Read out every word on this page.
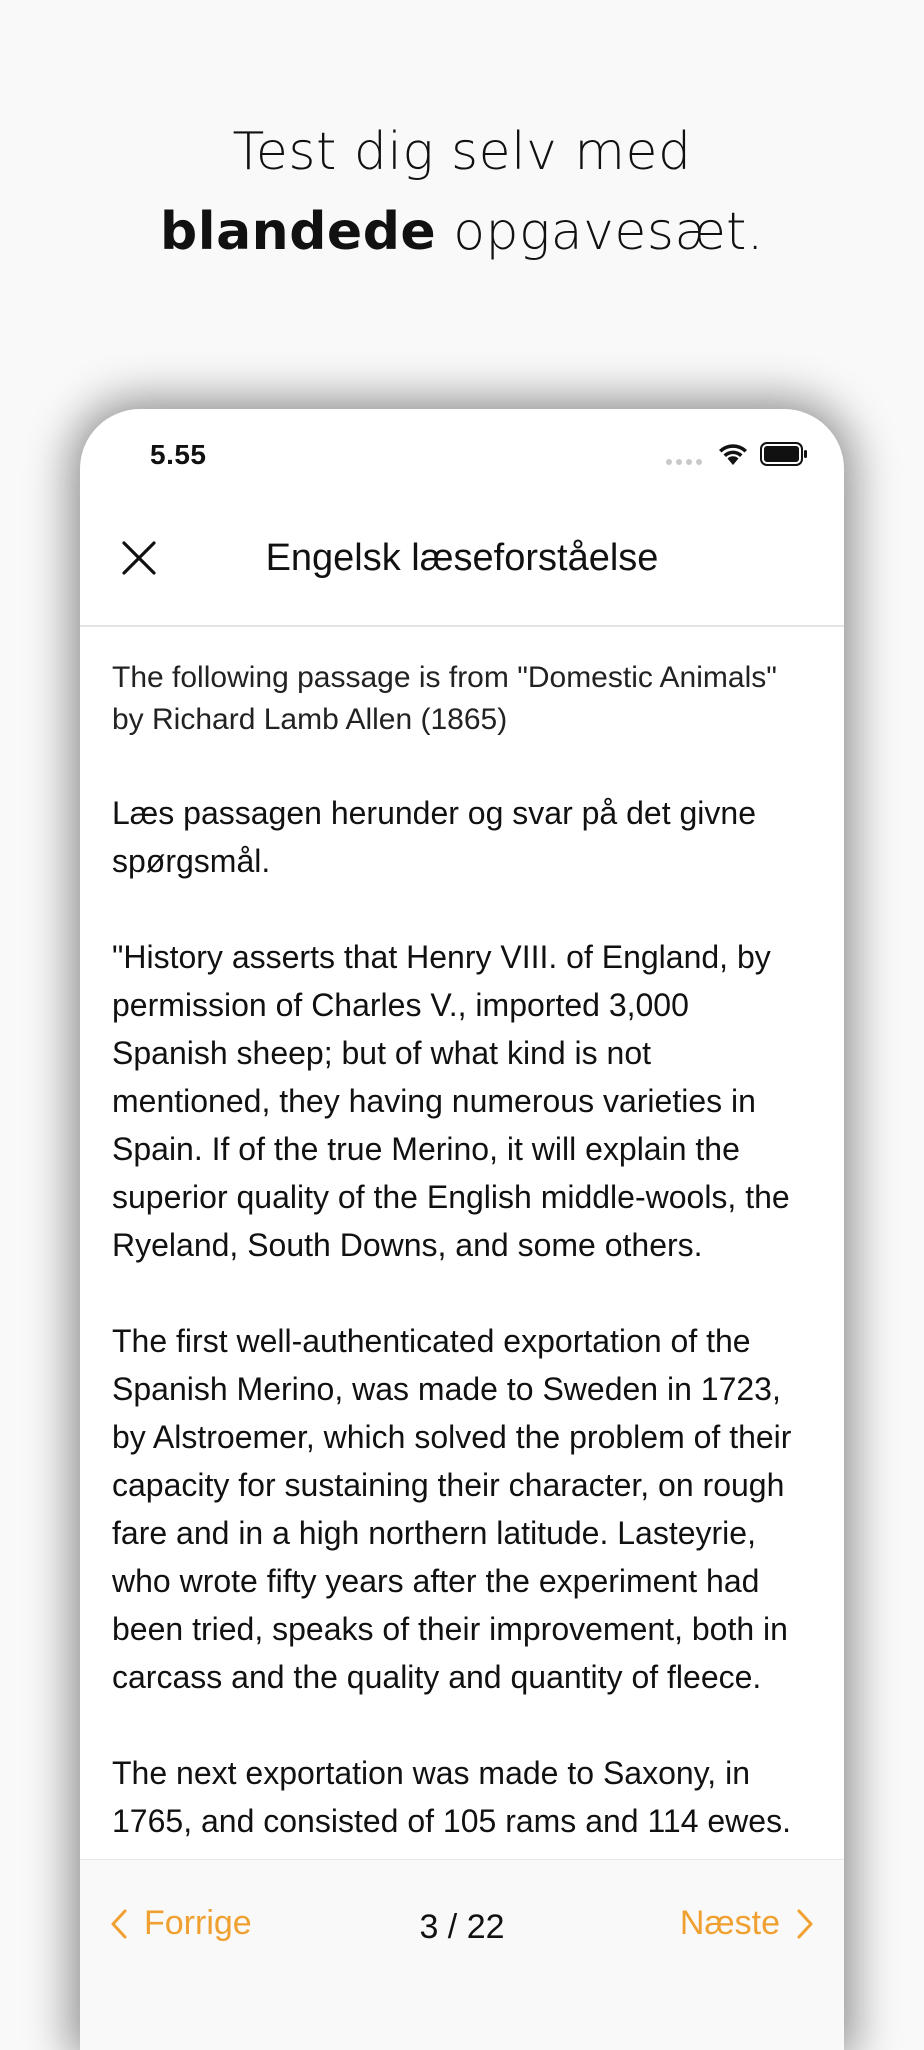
Test dig selv med
blandede opgavesæt.
5.55
Engelsk læseforståelse

The following passage is from "Domestic Animals" by Richard Lamb Allen (1865)

Læs passagen herunder og svar på det givne spørgsmål.

"History asserts that Henry VIII. of England, by permission of Charles V., imported 3,000 Spanish sheep; but of what kind is not mentioned, they having numerous varieties in Spain. If of the true Merino, it will explain the superior quality of the English middle-wools, the Ryeland, South Downs, and some others.

The first well-authenticated exportation of the Spanish Merino, was made to Sweden in 1723, by Alstroemer, which solved the problem of their capacity for sustaining their character, on rough fare and in a high northern latitude. Lasteyrie, who wrote fifty years after the experiment had been tried, speaks of their improvement, both in carcass and the quality and quantity of fleece.

The next exportation was made to Saxony, in 1765, and consisted of 105 rams and 114 ewes.

Forrige	3 / 22	Næste
